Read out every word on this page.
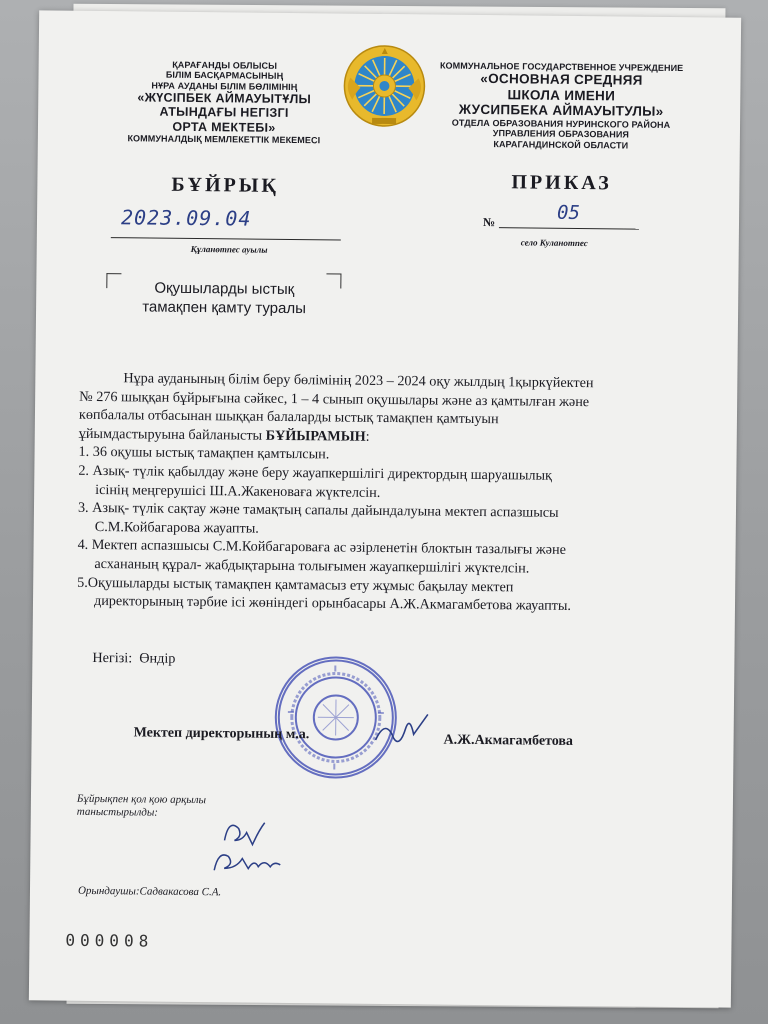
ҚАРАҒАНДЫ ОБЛЫСЫ
БІЛІМ БАСҚАРМАСЫНЫҢ
НҰРА АУДАНЫ БІЛІМ БӨЛІМІНІҢ
«ЖҮСІПБЕК АЙМАУЫТҰЛЫ
АТЫНДАҒЫ НЕГІЗГІ
ОРТА МЕКТЕБІ»
КОММУНАЛДЫҚ МЕМЛЕКЕТТІК МЕКЕМЕСІ
КОММУНАЛЬНОЕ ГОСУДАРСТВЕННОЕ УЧРЕЖДЕНИЕ
«ОСНОВНАЯ СРЕДНЯЯ
ШКОЛА ИМЕНИ
ЖУСИПБЕКА АЙМАУЫТУЛЫ»
ОТДЕЛА ОБРАЗОВАНИЯ НУРИНСКОГО РАЙОНА
УПРАВЛЕНИЯ ОБРАЗОВАНИЯ
КАРАГАНДИНСКОЙ ОБЛАСТИ
БҰЙРЫҚ	ПРИКАЗ
2023.09.04
Құланөтпес ауылы
№	05
село Куланотпес
Оқушыларды ыстық
тамақпен қамту туралы

Нұра ауданының білім беру бөлімінің 2023 – 2024 оқу жылдың 1қыркүйектен

№ 276 шыққан бұйрығына сәйкес, 1 – 4 сынып оқушылары және аз қамтылған және

көпбалалы отбасынан шыққан балаларды ыстық тамақпен қамтыуын

ұйымдастыруына байланысты БҰЙЫРАМЫН:

1. 36 оқушы ыстық тамақпен қамтылсын.

2. Азық- түлік қабылдау және беру жауапкершілігі директордың шаруашылық

ісінің меңгерушісі Ш.А.Жакеноваға жүктелсін.

3. Азық- түлік сақтау және тамақтың сапалы дайындалуына мектеп аспазшысы

С.М.Койбагарова жауапты.

4. Мектеп аспазшысы С.М.Койбагароваға ас әзірленетін блоктын тазалығы және

асхананың құрал- жабдықтарына толығымен жауапкершілігі жүктелсін.

5.Оқушыларды ыстық тамақпен қамтамасыз ету жұмыс бақылау мектеп

директорының тәрбие ісі жөніндегі орынбасары А.Ж.Акмагамбетова жауапты.

Негізі: Өндір
Мектеп директорының м.а.	А.Ж.Акмагамбетова
Бұйрықпен қол қою арқылы
таныстырылды:
Орындаушы:Садвакасова С.А.
000008
